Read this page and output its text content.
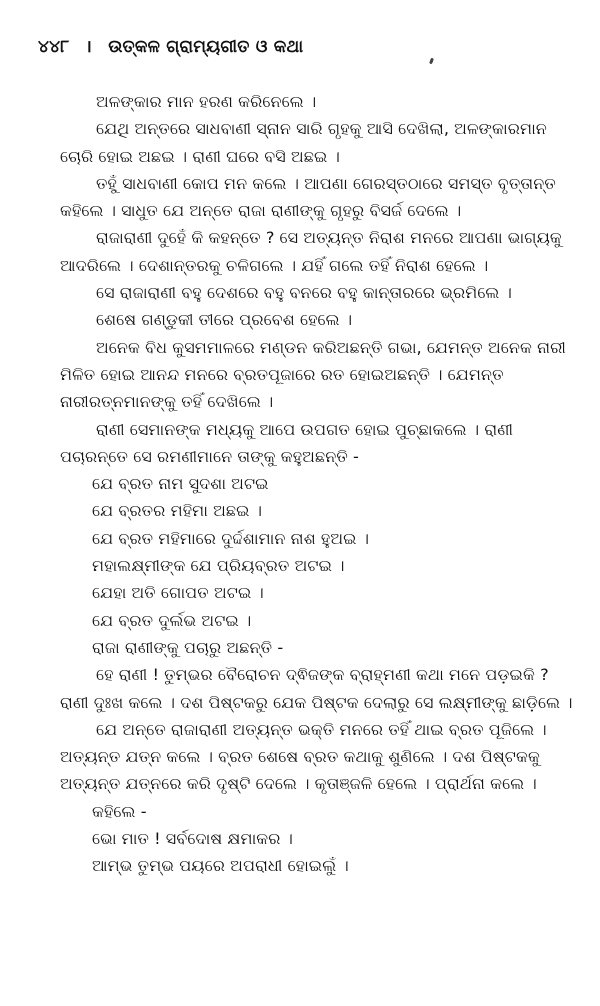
୪୪୮ । ଉତ୍କଳ ଗ୍ରାମ୍ୟଗୀତ ଓ କଥା

ଅଳଙ୍କାର ମାନ ହରଣ କରିନେଲେ ।

ଯେଥି ଅନ୍ତରେ ସାଧବାଣୀ ସ୍ନାନ ସାରି ଗୃହକୁ ଆସି ଦେଖିଲା, ଅଳଙ୍କାରମାନ ଚୋରି ହୋଇ ଅଛଇ । ରାଣୀ ଘରେ ବସି ଅଛଇ ।

ତହୁଁ ସାଧବାଣୀ କୋପ ମନ କଲେ । ଆପଣା ଗେରସ୍ତଠାରେ ସମସ୍ତ ବୃତ୍ତାନ୍ତ କହିଲେ । ସାଧୁତ ଯେ ଅନ୍ତେ ରାଜା ରାଣୀଙ୍କୁ ଗୃହରୁ ବିସର୍ଜ ଦେଲେ ।

ରାଜାରାଣୀ ଦୁହେଁ କି କହନ୍ତେ ? ସେ ଅତ୍ୟନ୍ତ ନିରାଶ ମନରେ ଆପଣା ଭାଗ୍ୟକୁ ଆଦରିଲେ । ଦେଶାନ୍ତରକୁ ଚଳିଗଲେ । ଯହିଁ ଗଲେ ତହିଁ ନିରାଶ ହେଲେ ।

ସେ ରାଜାରାଣୀ ବହୁ ଦେଶରେ ବହୁ ବନରେ ବହୁ କାନ୍ତାରରେ ଭ୍ରମିଲେ ।

ଶେଷେ ଗଣ୍ଡୁକୀ ତୀରେ ପ୍ରବେଶ ହେଲେ ।

ଅନେକ ବିଧ କୁସମମାଳରେ ମଣ୍ଡନ କରିଅଛନ୍ତି ଗଭା, ଯେମନ୍ତ ଅନେକ ନାରୀ ମିଳିତ ହୋଇ ଆନନ୍ଦ ମନରେ ବ୍ରତପୂଜାରେ ରତ ହୋଇଅଛନ୍ତି । ଯେମନ୍ତ ନାରୀରତ୍ନମାନଙ୍କୁ ତହିଁ ଦେଖିଲେ ।

ରାଣୀ ସେମାନଙ୍କ ମଧ୍ୟକୁ ଆପେ ଉପଗତ ହୋଇ ପୁଚ୍ଛାକଲେ । ରାଣୀ ପଚାରନ୍ତେ ସେ ରମଣୀମାନେ ତାଙ୍କୁ କହୁଅଛନ୍ତି -

ଯେ ବ୍ରତ ନାମ ସୁଦଶା ଅଟଇ

ଯେ ବ୍ରତର ମହିମା ଅଛଇ ।

ଯେ ବ୍ରତ ମହିମାରେ ଦୁର୍ଦ୍ଦଶାମାନ ନାଶ ହୁଅଇ ।

ମହାଲକ୍ଷ୍ମୀଙ୍କ ଯେ ପ୍ରିୟବ୍ରତ ଅଟଇ ।

ଯେହା ଅତି ଗୋପତ ଅଟଇ ।

ଯେ ବ୍ରତ ଦୁର୍ଲଭ ଅଟଇ ।

ରାଜା ରାଣୀଙ୍କୁ ପଚାରୁ ଅଛନ୍ତି -

ହେ ରାଣୀ ! ତୁମ୍ଭର ବୈରୋଚନ ଦ୍ଵିଜଙ୍କ ବ୍ରାହ୍ମଣୀ କଥା ମନେ ପଡ଼ଇକି ? ରାଣୀ ଦୁଃଖ କଲେ । ଦଶ ପିଷ୍ଟକରୁ ଯେକ ପିଷ୍ଟକ ଦେଲାରୁ ସେ ଲକ୍ଷ୍ମୀଙ୍କୁ ଛାଡ଼ିଲେ ।

ଯେ ଅନ୍ତେ ରାଜାରାଣୀ ଅତ୍ୟନ୍ତ ଭକ୍ତି ମନରେ ତହିଁ ଥାଇ ବ୍ରତ ପୂଜିଲେ । ଅତ୍ୟନ୍ତ ଯତ୍ନ କଲେ । ବ୍ରତ ଶେଷେ ବ୍ରତ କଥାକୁ ଶୁଣିଲେ । ଦଶ ପିଷ୍ଟକକୁ ଅତ୍ୟନ୍ତ ଯତ୍ନରେ କରି ଦୃଷ୍ଟି ଦେଲେ । କୃତାଞ୍ଜଳି ହେଲେ । ପ୍ରାର୍ଥନା କଲେ ।

କହିଲେ -

ଭୋ ମାତ ! ସର୍ବଦୋଷ କ୍ଷମାକର ।

ଆମ୍ଭ ତୁମ୍ଭ ପୟରେ ଅପରାଧୀ ହୋଇଲୁଁ ।
